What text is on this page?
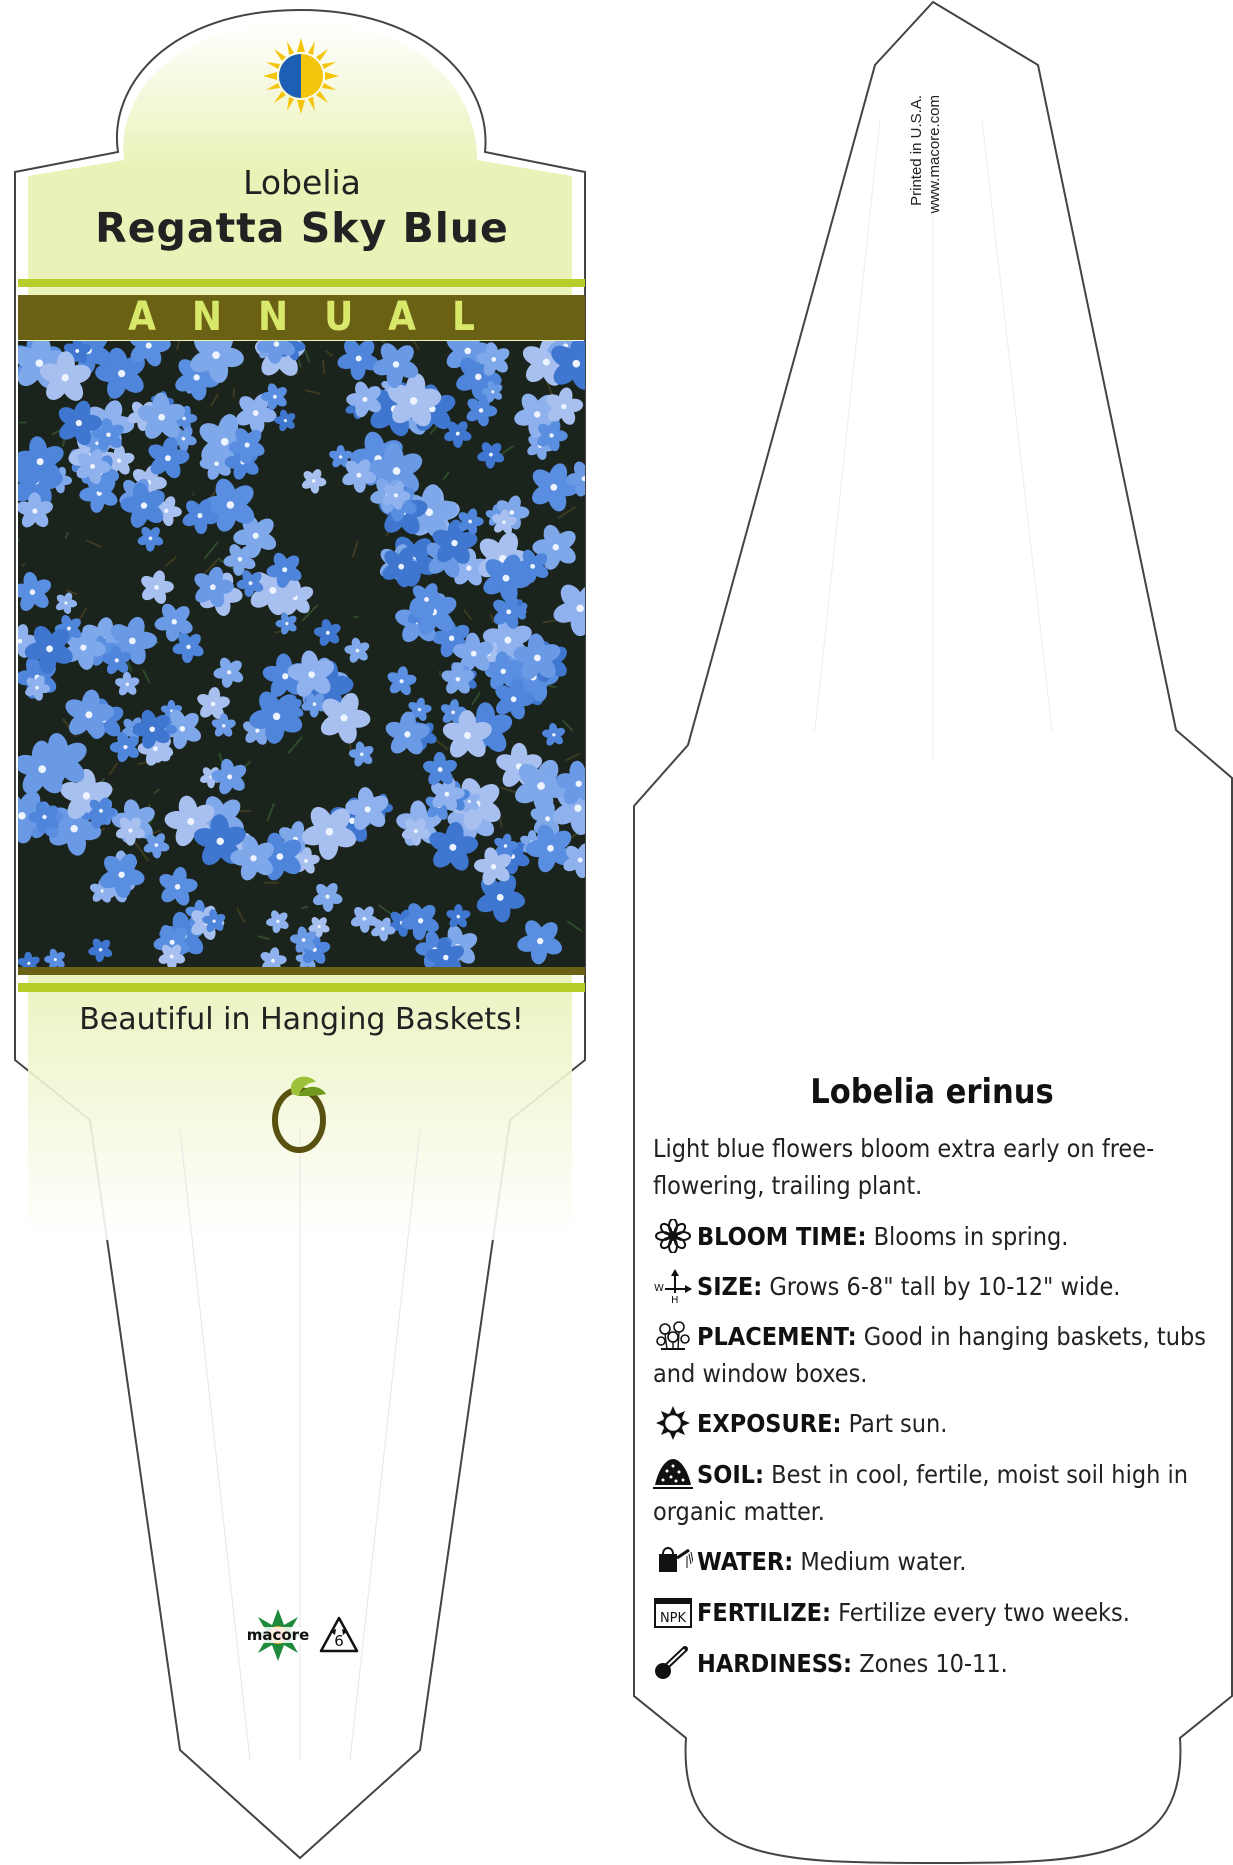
Lobelia
Regatta Sky Blue
ANNUAL
Beautiful in Hanging Baskets!
macore 6
Printed in U.S.A.
www.macore.com
Lobelia erinus
Light blue flowers bloom extra early on free-flowering, trailing plant.
BLOOM TIME: Blooms in spring.
W
H SIZE: Grows 6-8" tall by 10-12" wide.
PLACEMENT: Good in hanging baskets, tubs and window boxes.
EXPOSURE: Part sun.
SOIL: Best in cool, fertile, moist soil high in organic matter.
WATER: Medium water.
NPK FERTILIZE: Fertilize every two weeks.
HARDINESS: Zones 10-11.
